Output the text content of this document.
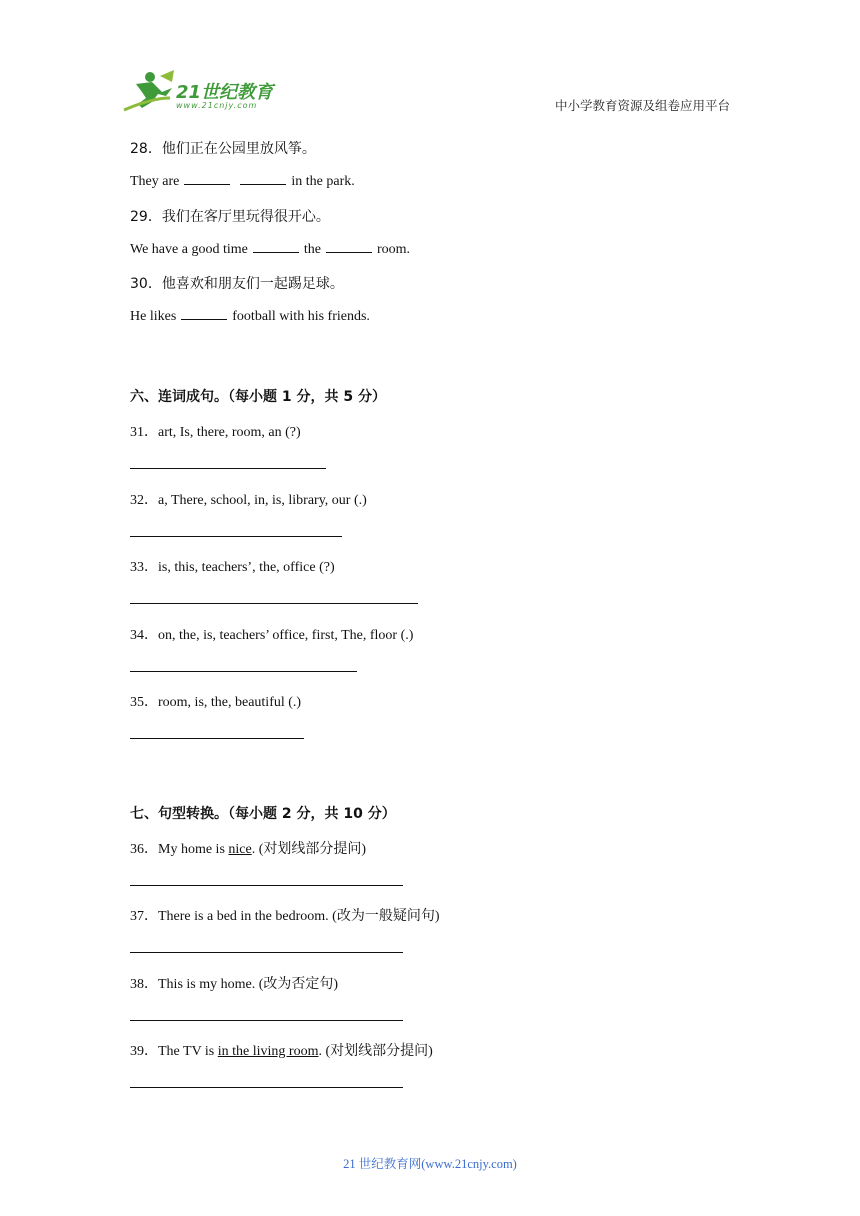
21世纪教育
www.21cnjy.com	中小学教育资源及组卷应用平台
28．他们正在公园里放风筝。
They are	in the park.
29．我们在客厅里玩得很开心。
We have a good time	the	room.
30．他喜欢和朋友们一起踢足球。
He likes	football with his friends.
六、连词成句。（每小题 1 分，共 5 分）
31．art, Is, there, room, an (?)
32．a, There, school, in, is, library, our (.)
33．is, this, teachers’, the, office (?)
34．on, the, is, teachers’ office, first, The, floor (.)
35．room, is, the, beautiful (.)
七、句型转换。（每小题 2 分，共 10 分）
36．My home is nice. (对划线部分提问)
37．There is a bed in the bedroom. (改为一般疑问句)
38．This is my home. (改为否定句)
39．The TV is in the living room. (对划线部分提问)
21 世纪教育网(www.21cnjy.com)
